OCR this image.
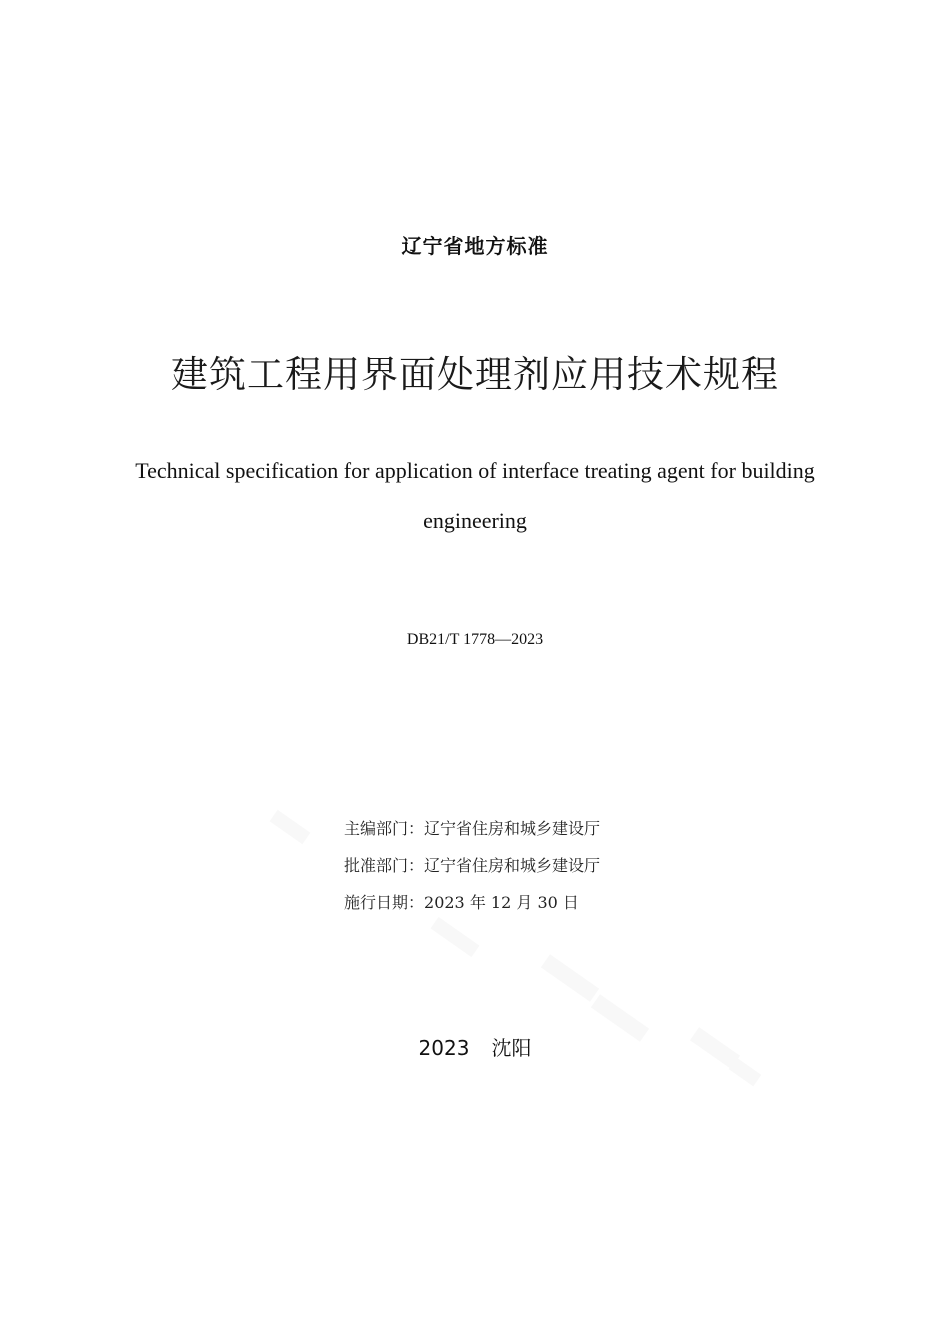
辽宁省地方标准
建筑工程用界面处理剂应用技术规程
Technical specification for application of interface treating agent for building
engineering
DB21/T 1778—2023
主编部门：辽宁省住房和城乡建设厅
批准部门：辽宁省住房和城乡建设厅
施行日期：2023 年 12 月 30 日
2023 沈阳
